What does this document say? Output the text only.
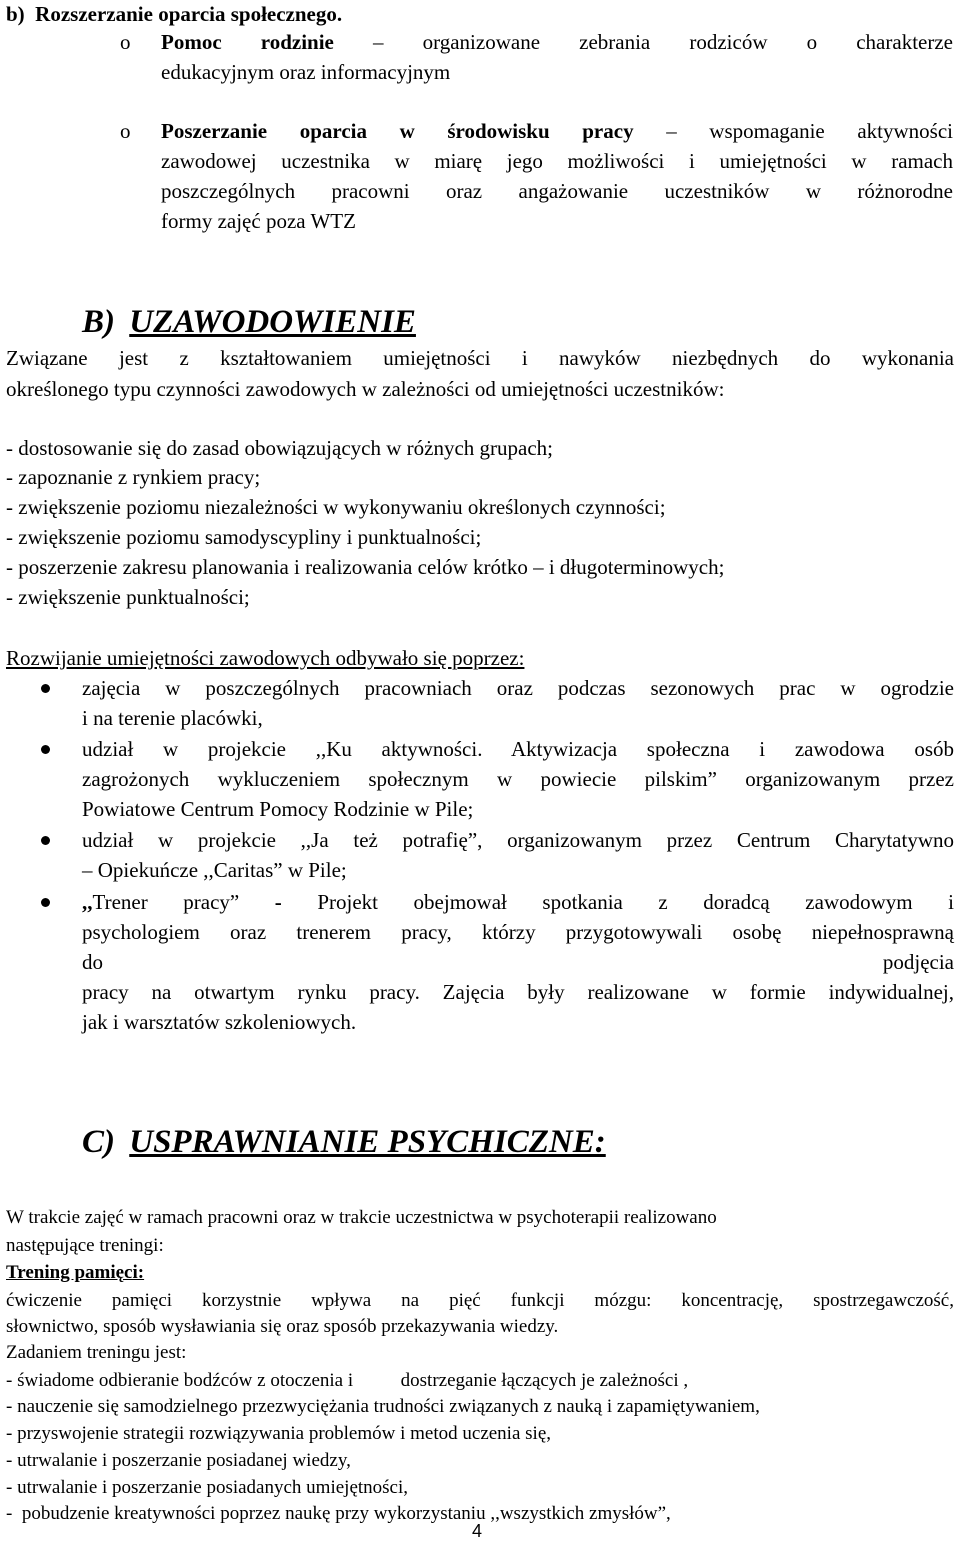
b)  Rozszerzanie oparcia społecznego.
o Pomoc rodzinie – organizowane zebrania rodziców o charakterze
edukacyjnym oraz informacyjnym
o Poszerzanie oparcia w środowisku pracy – wspomaganie aktywności
zawodowej uczestnika w miarę jego możliwości i umiejętności w ramach
poszczególnych pracowni oraz angażowanie uczestników w różnorodne
formy zajęć poza WTZ
B) UZAWODOWIENIE
Związane jest z kształtowaniem umiejętności i nawyków niezbędnych do wykonania
określonego typu czynności zawodowych w zależności od umiejętności uczestników:
- dostosowanie się do zasad obowiązujących w różnych grupach;
- zapoznanie z rynkiem pracy;
- zwiększenie poziomu niezależności w wykonywaniu określonych czynności;
- zwiększenie poziomu samodyscypliny i punktualności;
- poszerzenie zakresu planowania i realizowania celów krótko – i długoterminowych;
- zwiększenie punktualności;
Rozwijanie umiejętności zawodowych odbywało się poprzez:
zajęcia w poszczególnych pracowniach oraz podczas sezonowych prac w ogrodzie
i na terenie placówki,
udział w projekcie ,,Ku aktywności. Aktywizacja społeczna i zawodowa osób
zagrożonych wykluczeniem społecznym w powiecie pilskim” organizowanym przez
Powiatowe Centrum Pomocy Rodzinie w Pile;
udział w projekcie ,,Ja też potrafię”, organizowanym przez Centrum Charytatywno
– Opiekuńcze ,,Caritas” w Pile;
,,Trener pracy” - Projekt obejmował spotkania z doradcą zawodowym i
psychologiem oraz trenerem pracy, którzy przygotowywali osobę niepełnosprawną
do podjęcia
pracy na otwartym rynku pracy. Zajęcia były realizowane w formie indywidualnej,
jak i warsztatów szkoleniowych.
C) USPRAWNIANIE PSYCHICZNE:
W trakcie zajęć w ramach pracowni oraz w trakcie uczestnictwa w psychoterapii realizowano
następujące treningi:
Trening pamięci:
ćwiczenie pamięci korzystnie wpływa na pięć funkcji mózgu: koncentrację, spostrzegawczość,
słownictwo, sposób wysławiania się oraz sposób przekazywania wiedzy.
Zadaniem treningu jest:
- świadome odbieranie bodźców z otoczenia i          dostrzeganie łączących je zależności ,
- nauczenie się samodzielnego przezwyciężania trudności związanych z nauką i zapamiętywaniem,
- przyswojenie strategii rozwiązywania problemów i metod uczenia się,
- utrwalanie i poszerzanie posiadanej wiedzy,
- utrwalanie i poszerzanie posiadanych umiejętności,
-  pobudzenie kreatywności poprzez naukę przy wykorzystaniu ,,wszystkich zmysłów”,
4
